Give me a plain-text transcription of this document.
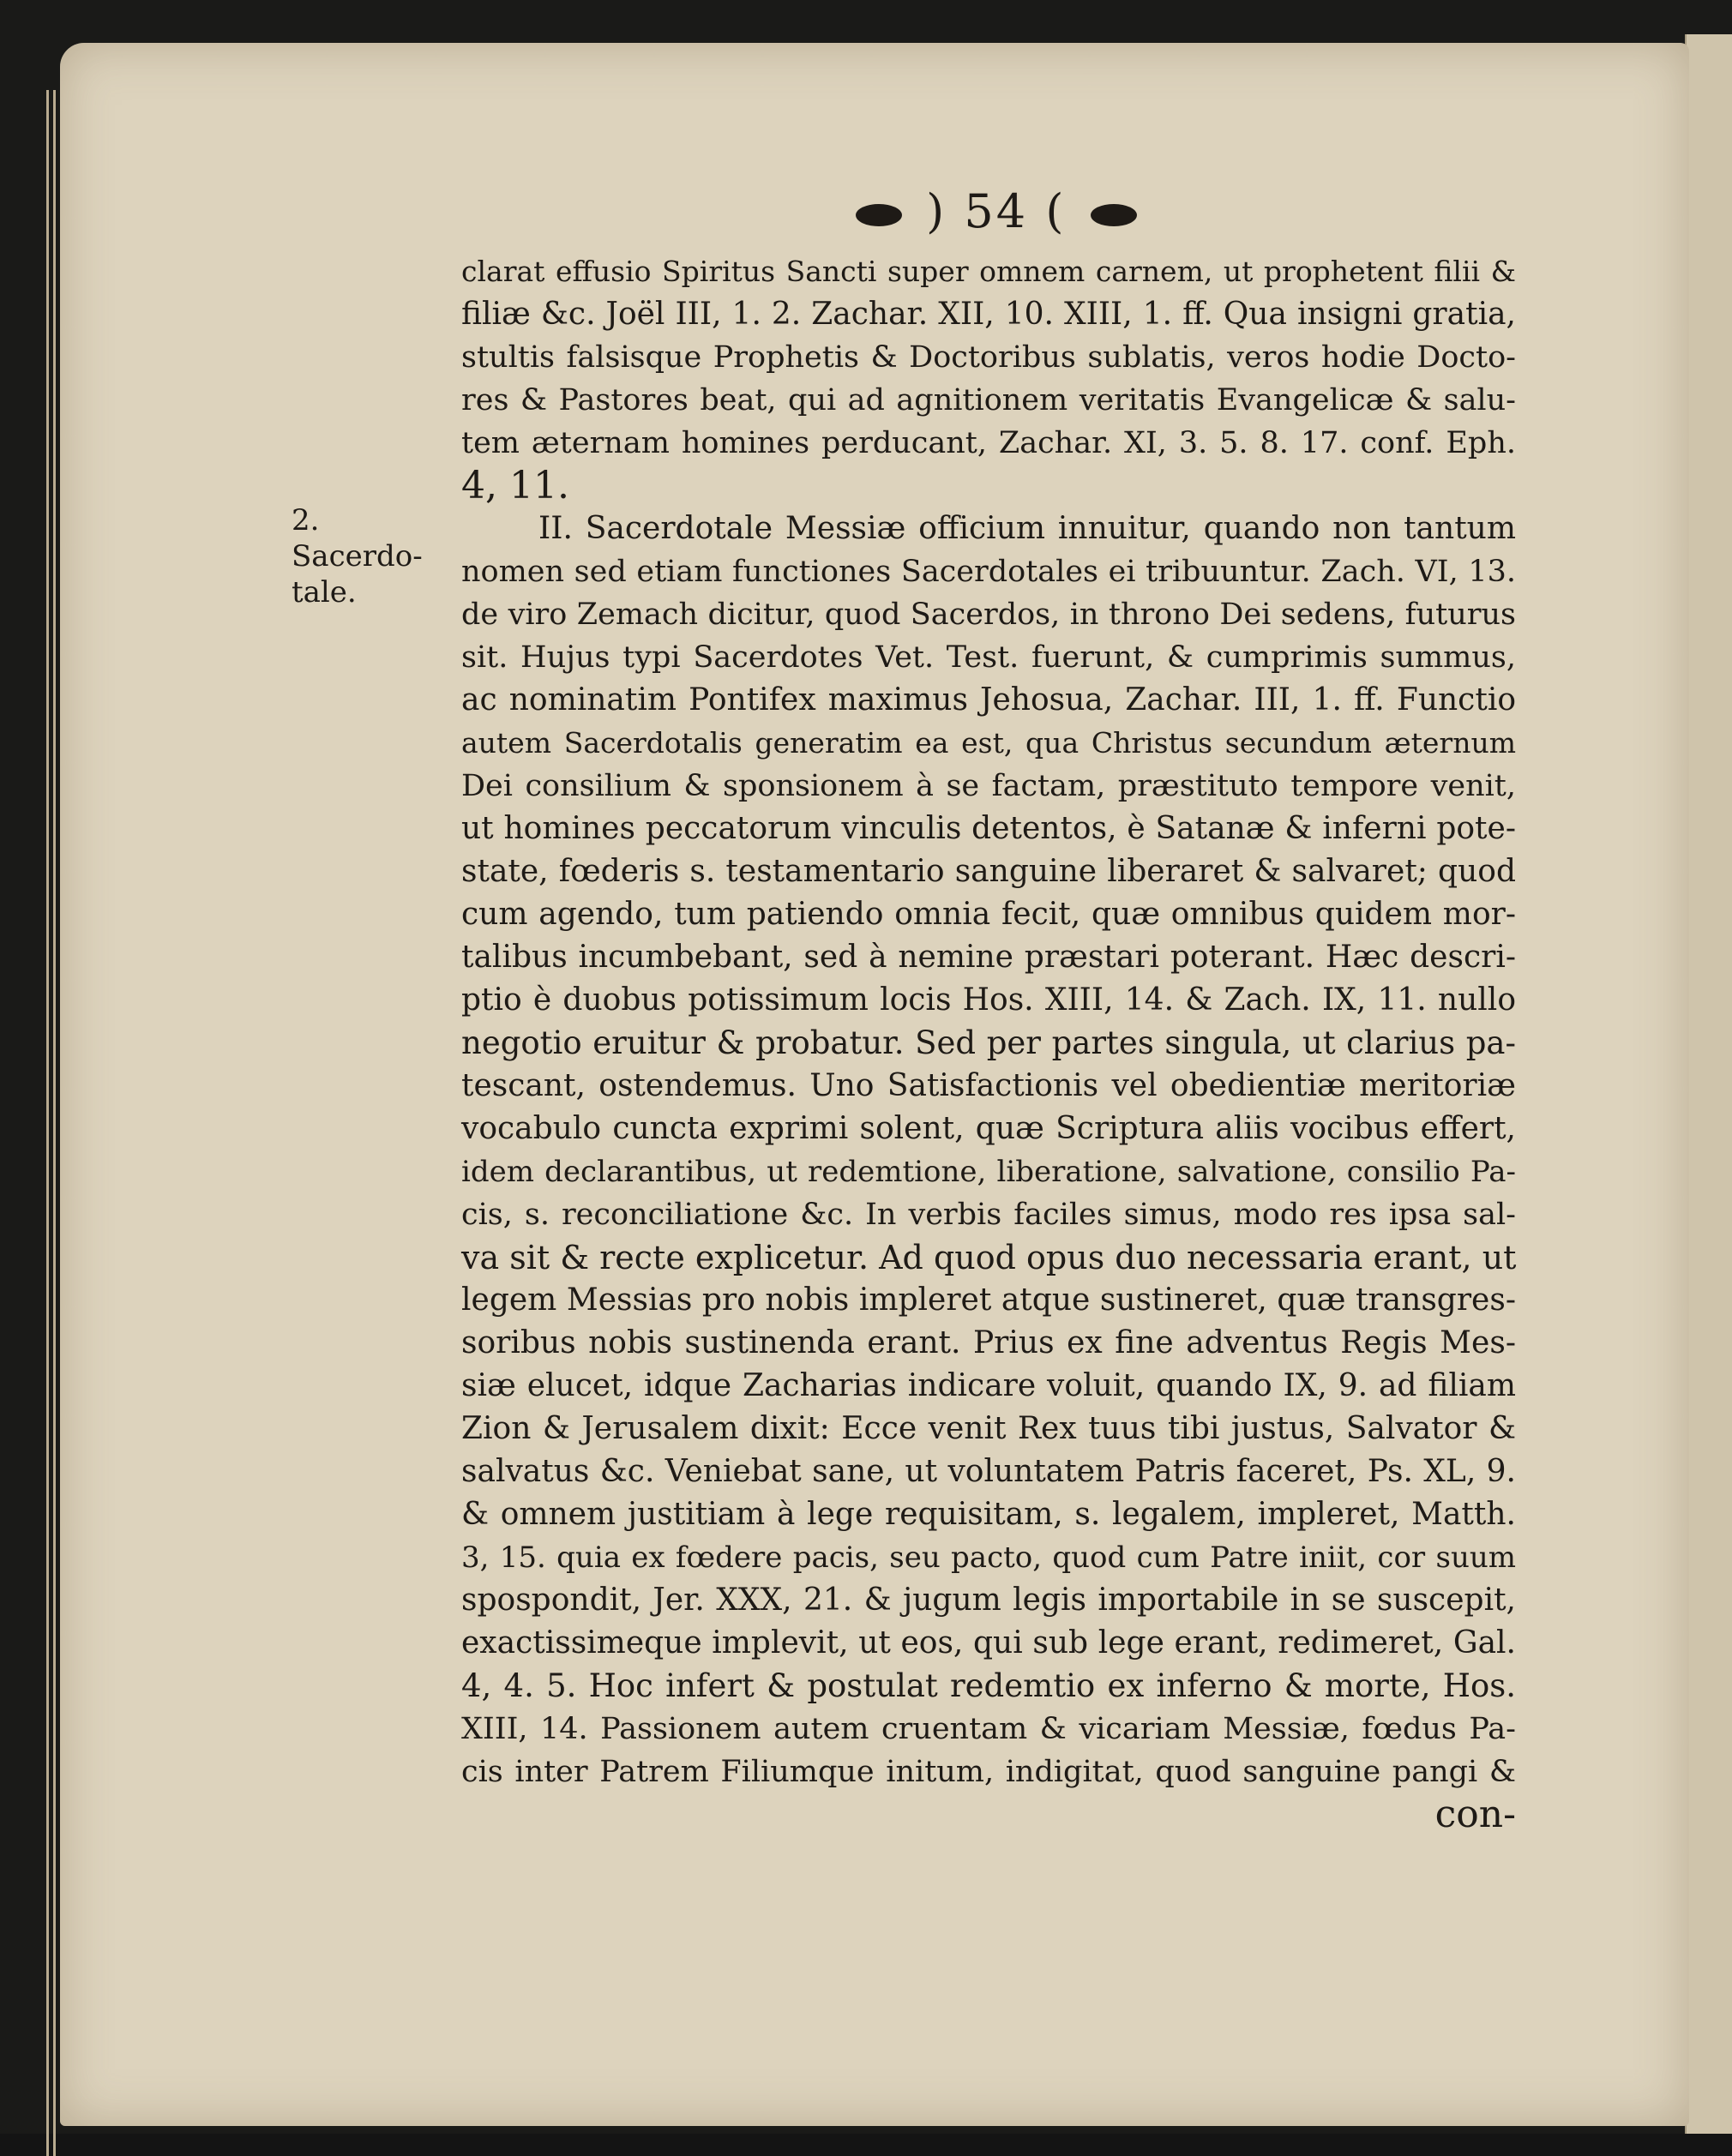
) 54 (
2. Sacerdo-
tale.
clarat effusio Spiritus Sancti super omnem carnem, ut prophetent filii &
filiæ &c. Joël III, 1. 2. Zachar. XII, 10. XIII, 1. ff. Qua insigni gratia,
stultis falsisque Prophetis & Doctoribus sublatis, veros hodie Docto-
res & Pastores beat, qui ad agnitionem veritatis Evangelicæ & salu-
tem æternam homines perducant, Zachar. XI, 3. 5. 8. 17. conf. Eph.
4, 11.
II. Sacerdotale Messiæ officium innuitur, quando non tantum
nomen sed etiam functiones Sacerdotales ei tribuuntur. Zach. VI, 13.
de viro Zemach dicitur, quod Sacerdos, in throno Dei sedens, futurus
sit. Hujus typi Sacerdotes Vet. Test. fuerunt, & cumprimis summus,
ac nominatim Pontifex maximus Jehosua, Zachar. III, 1. ff. Functio
autem Sacerdotalis generatim ea est, qua Christus secundum æternum
Dei consilium & sponsionem à se factam, præstituto tempore venit,
ut homines peccatorum vinculis detentos, è Satanæ & inferni pote-
state, fœderis s. testamentario sanguine liberaret & salvaret; quod
cum agendo, tum patiendo omnia fecit, quæ omnibus quidem mor-
talibus incumbebant, sed à nemine præstari poterant. Hæc descri-
ptio è duobus potissimum locis Hos. XIII, 14. & Zach. IX, 11. nullo
negotio eruitur & probatur. Sed per partes singula, ut clarius pa-
tescant, ostendemus. Uno Satisfactionis vel obedientiæ meritoriæ
vocabulo cuncta exprimi solent, quæ Scriptura aliis vocibus effert,
idem declarantibus, ut redemtione, liberatione, salvatione, consilio Pa-
cis, s. reconciliatione &c. In verbis faciles simus, modo res ipsa sal-
va sit & recte explicetur. Ad quod opus duo necessaria erant, ut
legem Messias pro nobis impleret atque sustineret, quæ transgres-
soribus nobis sustinenda erant. Prius ex fine adventus Regis Mes-
siæ elucet, idque Zacharias indicare voluit, quando IX, 9. ad filiam
Zion & Jerusalem dixit: Ecce venit Rex tuus tibi justus, Salvator &
salvatus &c. Veniebat sane, ut voluntatem Patris faceret, Ps. XL, 9.
& omnem justitiam à lege requisitam, s. legalem, impleret, Matth.
3, 15. quia ex fœdere pacis, seu pacto, quod cum Patre iniit, cor suum
spospondit, Jer. XXX, 21. & jugum legis importabile in se suscepit,
exactissimeque implevit, ut eos, qui sub lege erant, redimeret, Gal.
4, 4. 5. Hoc infert & postulat redemtio ex inferno & morte, Hos.
XIII, 14. Passionem autem cruentam & vicariam Messiæ, fœdus Pa-
cis inter Patrem Filiumque initum, indigitat, quod sanguine pangi &
con-
